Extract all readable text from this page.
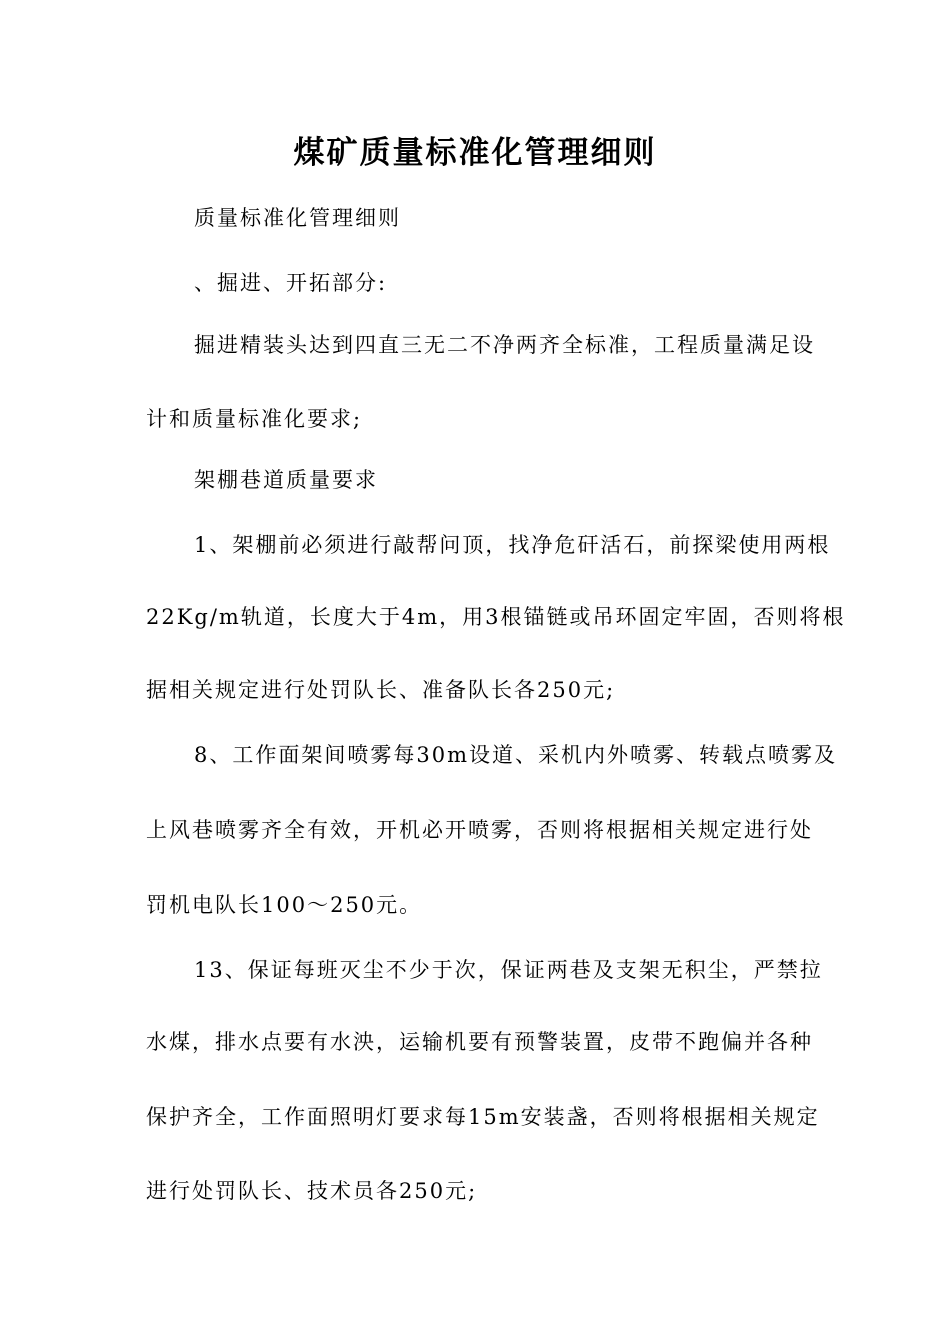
煤矿质量标准化管理细则
质量标准化管理细则
、掘进、开拓部分:
掘进精装头达到四直三无二不净两齐全标准，工程质量满足设
计和质量标准化要求;
架棚巷道质量要求
1、架棚前必须进行敲帮问顶，找净危矸活石，前探梁使用两根
22Kg/m轨道，长度大于4m，用3根锚链或吊环固定牢固，否则将根
据相关规定进行处罚队长、准备队长各250元;
8、工作面架间喷雾每30m设道、采机内外喷雾、转载点喷雾及
上风巷喷雾齐全有效，开机必开喷雾，否则将根据相关规定进行处
罚机电队长100～250元。
13、保证每班灭尘不少于次，保证两巷及支架无积尘，严禁拉
水煤，排水点要有水泱，运输机要有预警装置，皮带不跑偏并各种
保护齐全，工作面照明灯要求每15m安装盏，否则将根据相关规定
进行处罚队长、技术员各250元;
